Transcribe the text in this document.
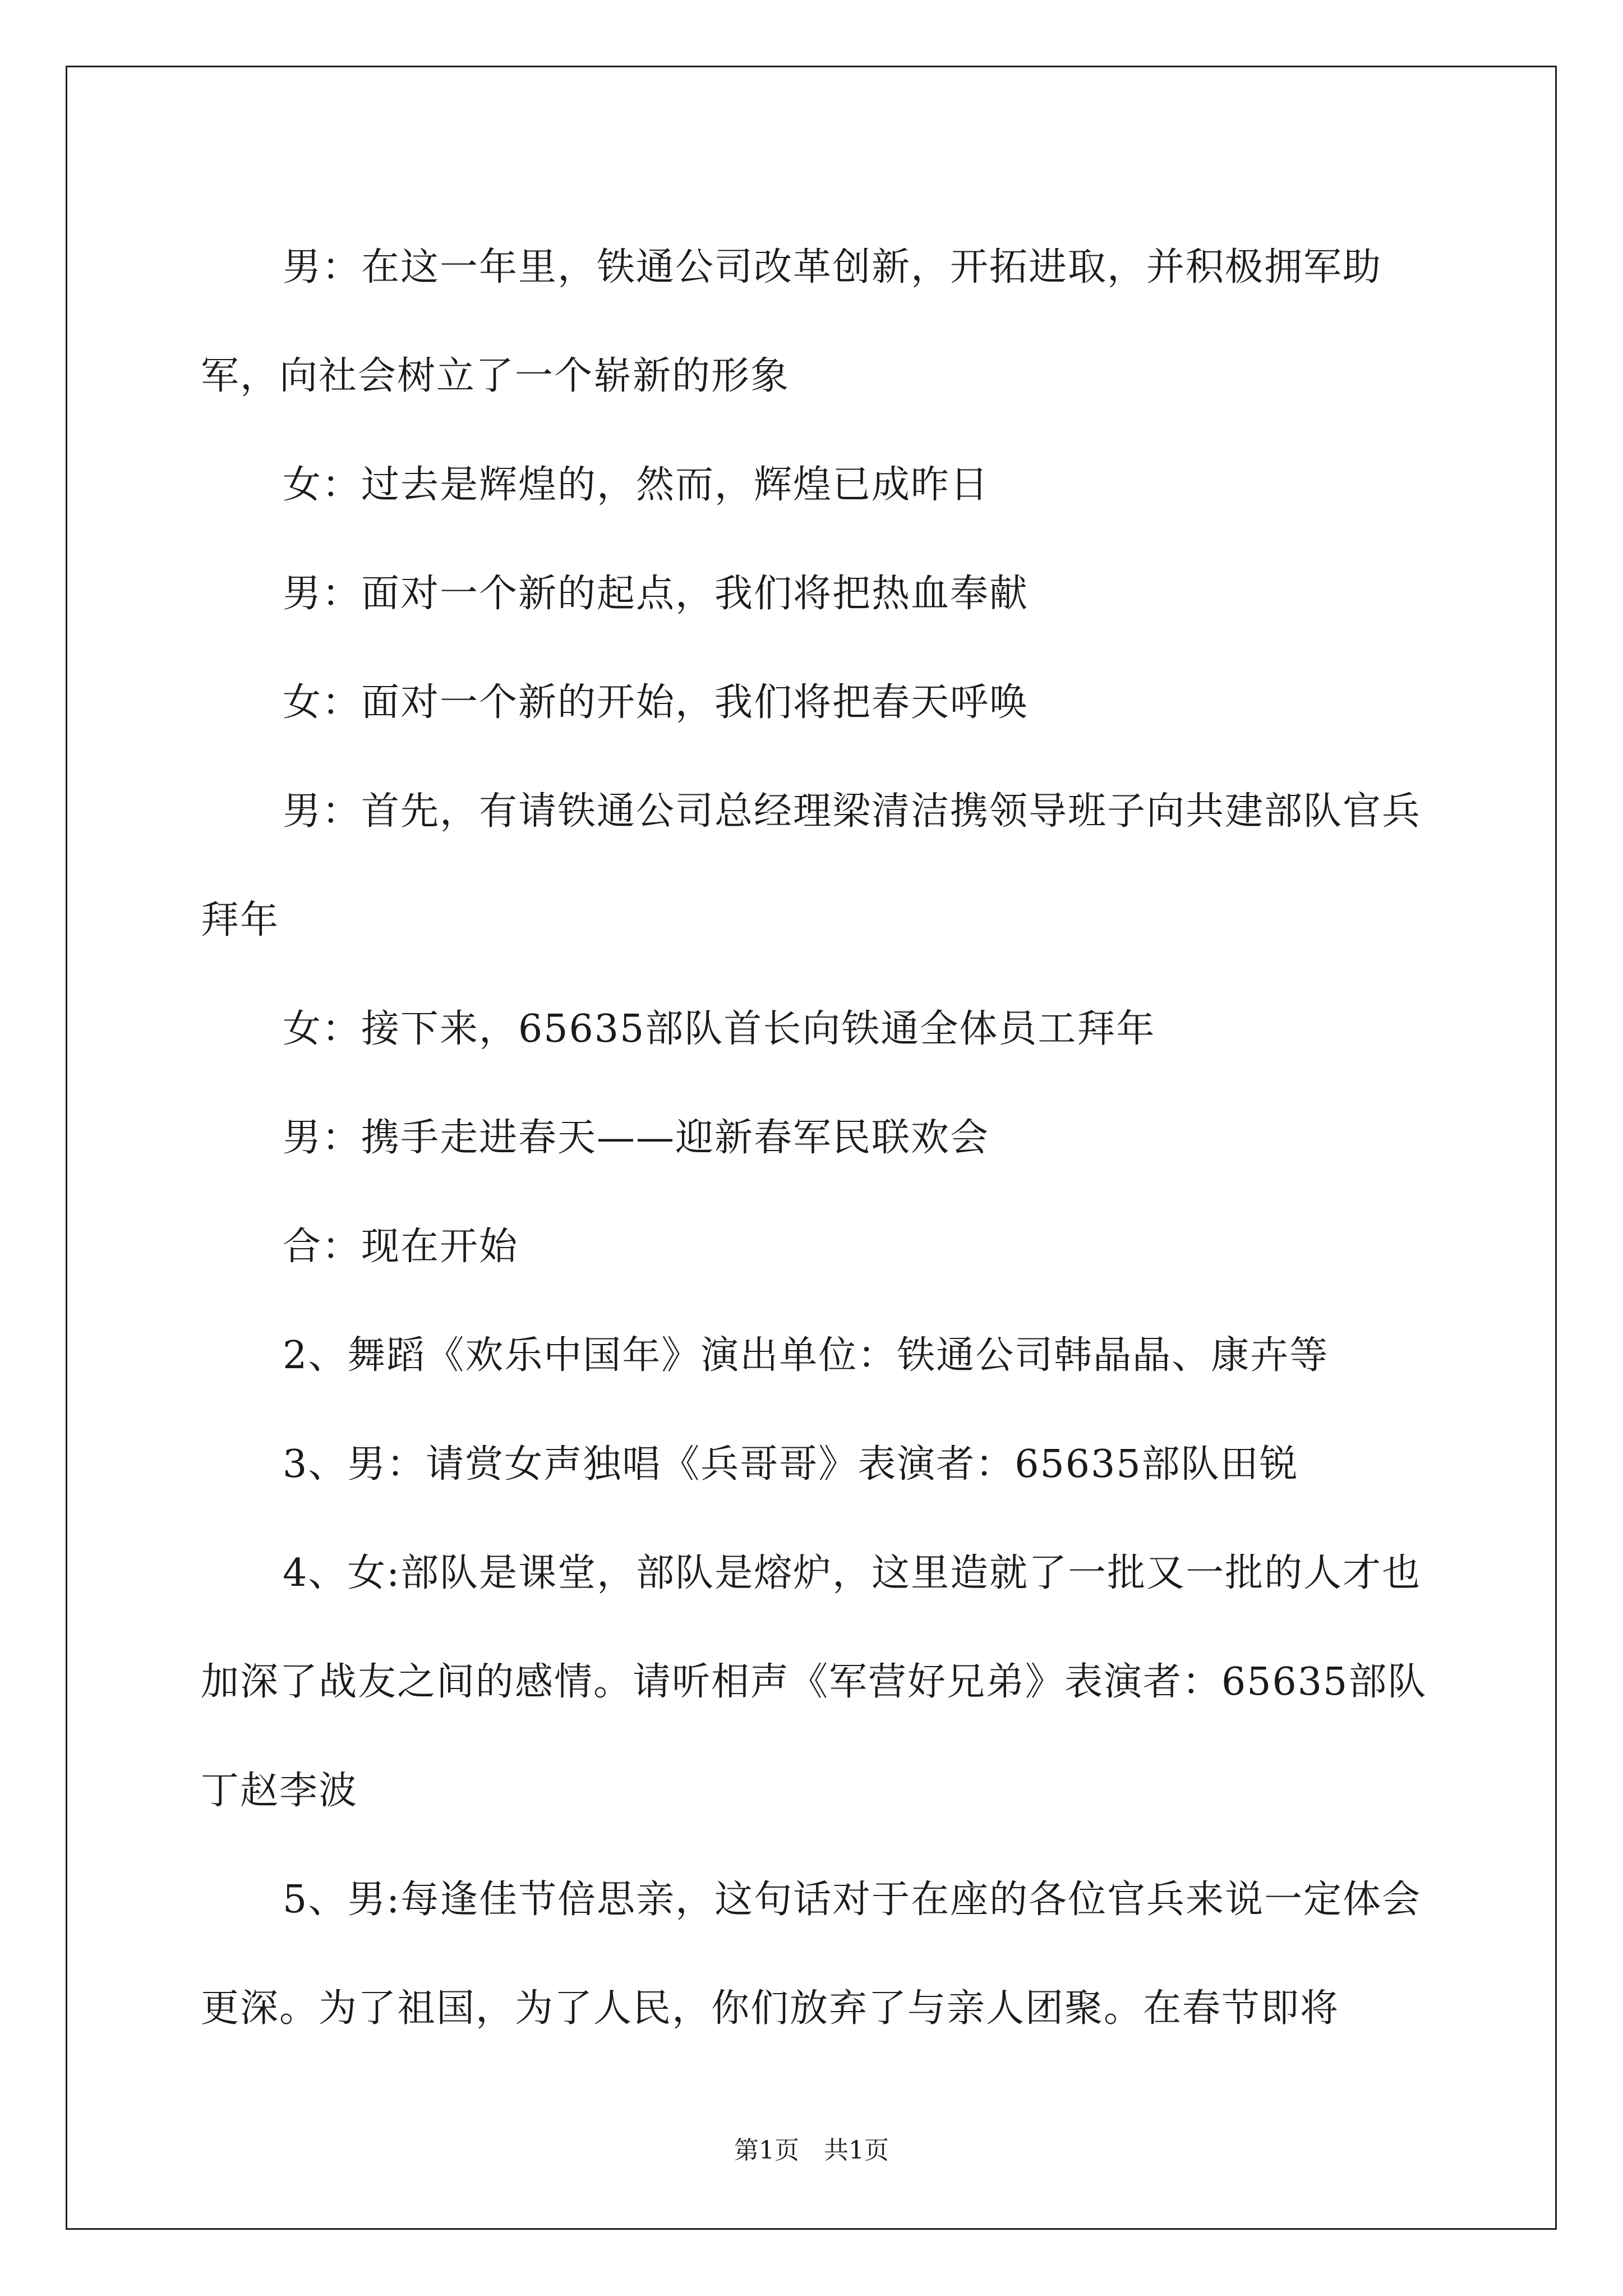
男：在这一年里，铁通公司改革创新，开拓进取，并积极拥军助军，向社会树立了一个崭新的形象

女：过去是辉煌的，然而，辉煌已成昨日

男：面对一个新的起点，我们将把热血奉献

女：面对一个新的开始，我们将把春天呼唤

男：首先，有请铁通公司总经理梁清洁携领导班子向共建部队官兵拜年

女：接下来，65635部队首长向铁通全体员工拜年

男：携手走进春天——迎新春军民联欢会

合：现在开始

2、舞蹈《欢乐中国年》演出单位：铁通公司韩晶晶、康卉等

3、男：请赏女声独唱《兵哥哥》表演者：65635部队田锐

4、女:部队是课堂，部队是熔炉，这里造就了一批又一批的人才也加深了战友之间的感情。请听相声《军营好兄弟》表演者：65635部队丁赵李波

5、男:每逢佳节倍思亲，这句话对于在座的各位官兵来说一定体会更深。为了祖国，为了人民，你们放弃了与亲人团聚。在春节即将

第1页　共1页
